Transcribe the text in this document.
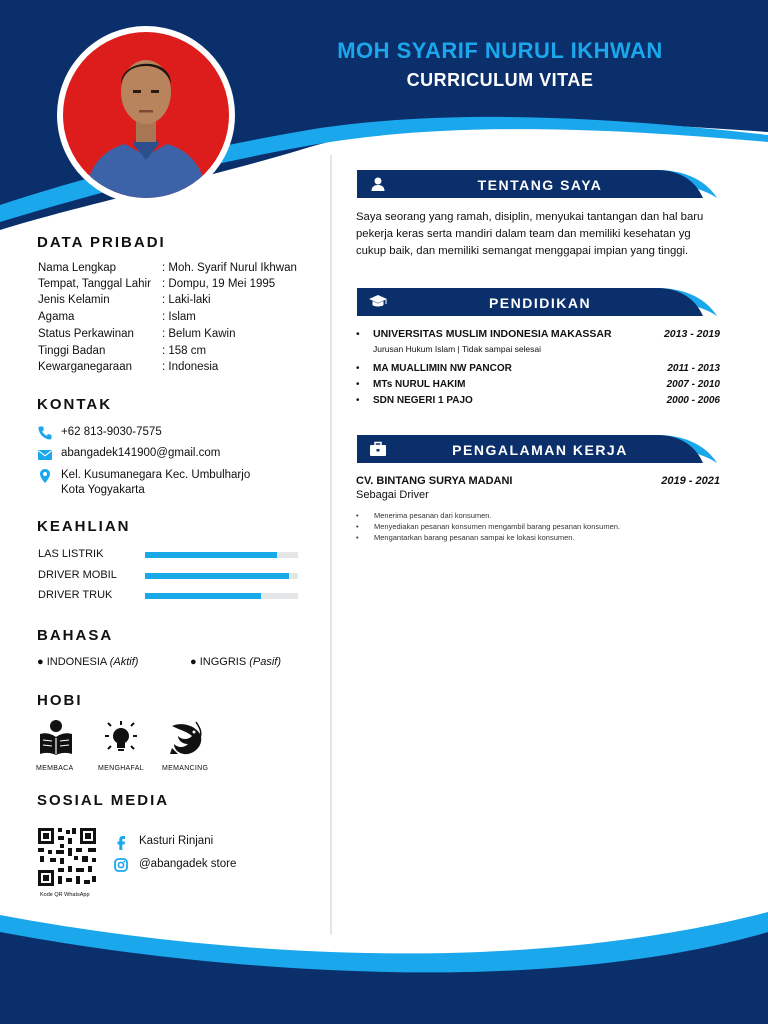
MOH SYARIF NURUL IKHWAN
CURRICULUM VITAE
DATA PRIBADI
Nama Lengkap	: Moh. Syarif Nurul Ikhwan
Tempat, Tanggal Lahir : Dompu, 19 Mei 1995
Jenis Kelamin	: Laki-laki
Agama	: Islam
Status Perkawinan	: Belum Kawin
Tinggi Badan	: 158 cm
Kewarganegaraan	: Indonesia
KONTAK
+62 813-9030-7575
abangadek141900@gmail.com
Kel. Kusumanegara Kec. Umbulharjo
Kota Yogyakarta
KEAHLIAN
LAS LISTRIK
DRIVER MOBIL
DRIVER TRUK
BAHASA
● INDONESIA (Aktif)	● INGGRIS (Pasif)
HOBI
MEMBACA	MENGHAFAL	MEMANCING
SOSIAL MEDIA
Kode QR WhatsApp
Kasturi Rinjani
@abangadek store
TENTANG SAYA
Saya seorang yang ramah, disiplin, menyukai tantangan dan hal baru pekerja keras serta mandiri dalam team dan memiliki kesehatan yg cukup baik, dan memiliki semangat menggapai impian yang tinggi.
PENDIDIKAN
• UNIVERSITAS MUSLIM INDONESIA MAKASSAR	2013 - 2019
Jurusan Hukum Islam | Tidak sampai selesai
• MA MUALLIMIN NW PANCOR	2011 - 2013
• MTs NURUL HAKIM	2007 - 2010
• SDN NEGERI 1 PAJO	2000 - 2006
PENGALAMAN KERJA
CV. BINTANG SURYA MADANI	2019 - 2021
Sebagai Driver
• Menerima pesanan dari konsumen.
• Menyediakan pesanan konsumen mengambil barang pesanan konsumen.
• Mengantarkan barang pesanan sampai ke lokasi konsumen.
